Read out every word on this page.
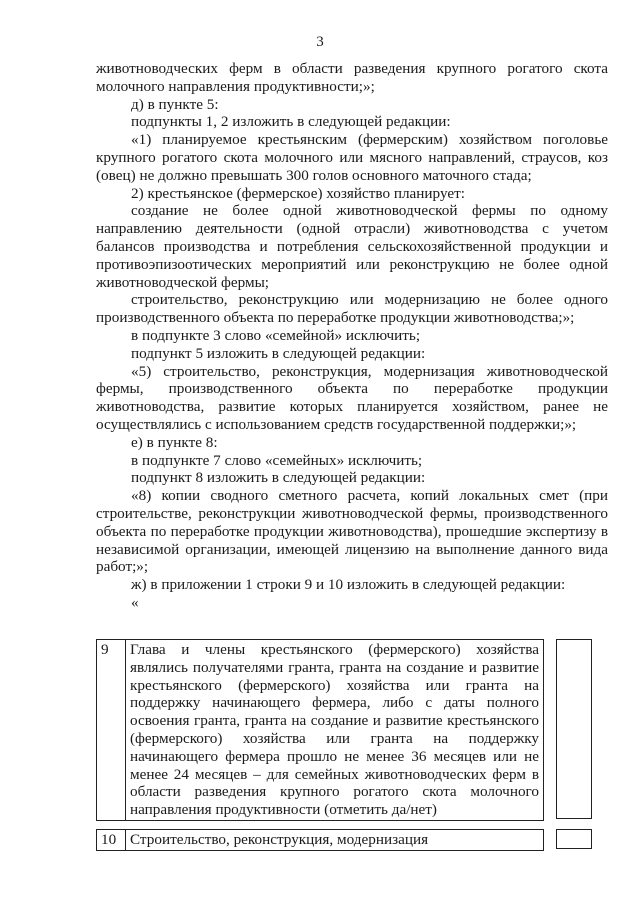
3

животноводческих ферм в области разведения крупного рогатого скота молочного направления продуктивности;»;

д) в пункте 5:

подпункты 1, 2 изложить в следующей редакции:

«1) планируемое крестьянским (фермерским) хозяйством поголовье крупного рогатого скота молочного или мясного направлений, страусов, коз (овец) не должно превышать 300 голов основного маточного стада;

2) крестьянское (фермерское) хозяйство планирует:

создание не более одной животноводческой фермы по одному направлению деятельности (одной отрасли) животноводства с учетом балансов производства и потребления сельскохозяйственной продукции и противоэпизоотических мероприятий или реконструкцию не более одной животноводческой фермы;

строительство, реконструкцию или модернизацию не более одного производственного объекта по переработке продукции животноводства;»;

в подпункте 3 слово «семейной» исключить;

подпункт 5 изложить в следующей редакции:

«5) строительство, реконструкция, модернизация животноводческой фермы, производственного объекта по переработке продукции животноводства, развитие которых планируется хозяйством, ранее не осуществлялись с использованием средств государственной поддержки;»;

е) в пункте 8:

в подпункте 7 слово «семейных» исключить;

подпункт 8 изложить в следующей редакции:

«8) копии сводного сметного расчета, копий локальных смет (при строительстве, реконструкции животноводческой фермы, производственного объекта по переработке продукции животноводства), прошедшие экспертизу в независимой организации, имеющей лицензию на выполнение данного вида работ;»;

ж) в приложении 1 строки 9 и 10 изложить в следующей редакции:

«

9	Глава и члены крестьянского (фермерского) хозяйства являлись получателями гранта, гранта на создание и развитие крестьянского (фермерского) хозяйства или гранта на поддержку начинающего фермера, либо с даты полного освоения гранта, гранта на создание и развитие крестьянского (фермерского) хозяйства или гранта на поддержку начинающего фермера прошло не менее 36 месяцев или не менее 24 месяцев – для семейных животноводческих ферм в области разведения крупного рогатого скота молочного направления продуктивности (отметить да/нет)
10	Строительство, реконструкция, модернизация
